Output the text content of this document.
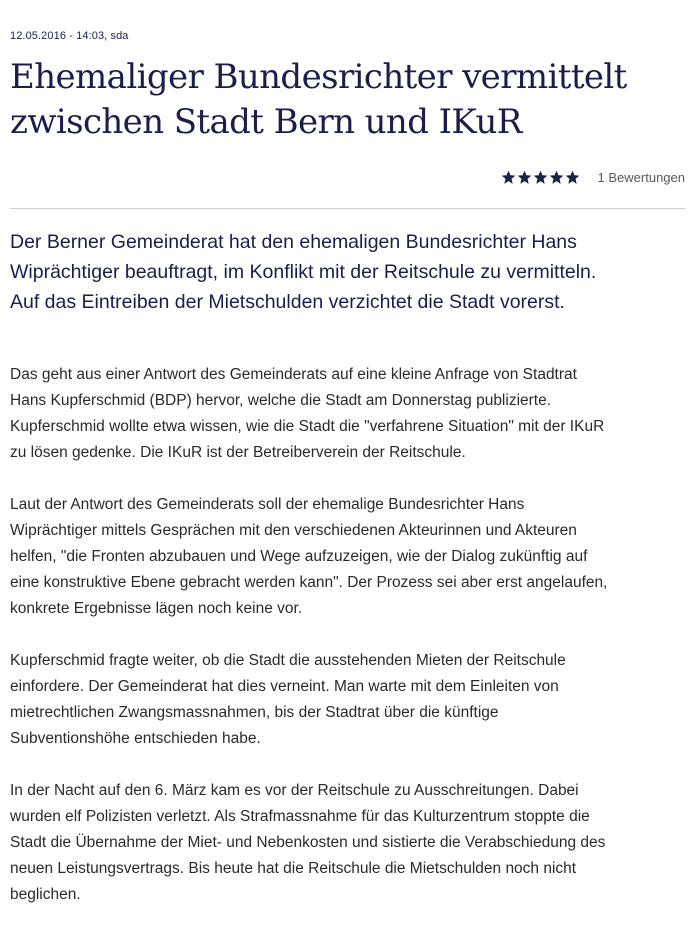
12.05.2016 - 14:03, sda
Ehemaliger Bundesrichter vermittelt zwischen Stadt Bern und IKuR
1 Bewertungen

Der Berner Gemeinderat hat den ehemaligen Bundesrichter Hans Wiprächtiger beauftragt, im Konflikt mit der Reitschule zu vermitteln. Auf das Eintreiben der Mietschulden verzichtet die Stadt vorerst.

Das geht aus einer Antwort des Gemeinderats auf eine kleine Anfrage von Stadtrat Hans Kupferschmid (BDP) hervor, welche die Stadt am Donnerstag publizierte. Kupferschmid wollte etwa wissen, wie die Stadt die "verfahrene Situation" mit der IKuR zu lösen gedenke. Die IKuR ist der Betreiberverein der Reitschule.

Laut der Antwort des Gemeinderats soll der ehemalige Bundesrichter Hans Wiprächtiger mittels Gesprächen mit den verschiedenen Akteurinnen und Akteuren helfen, "die Fronten abzubauen und Wege aufzuzeigen, wie der Dialog zukünftig auf eine konstruktive Ebene gebracht werden kann". Der Prozess sei aber erst angelaufen, konkrete Ergebnisse lägen noch keine vor.

Kupferschmid fragte weiter, ob die Stadt die ausstehenden Mieten der Reitschule einfordere. Der Gemeinderat hat dies verneint. Man warte mit dem Einleiten von mietrechtlichen Zwangsmassnahmen, bis der Stadtrat über die künftige Subventionshöhe entschieden habe.

In der Nacht auf den 6. März kam es vor der Reitschule zu Ausschreitungen. Dabei wurden elf Polizisten verletzt. Als Strafmassnahme für das Kulturzentrum stoppte die Stadt die Übernahme der Miet- und Nebenkosten und sistierte die Verabschiedung des neuen Leistungsvertrags. Bis heute hat die Reitschule die Mietschulden noch nicht beglichen.
